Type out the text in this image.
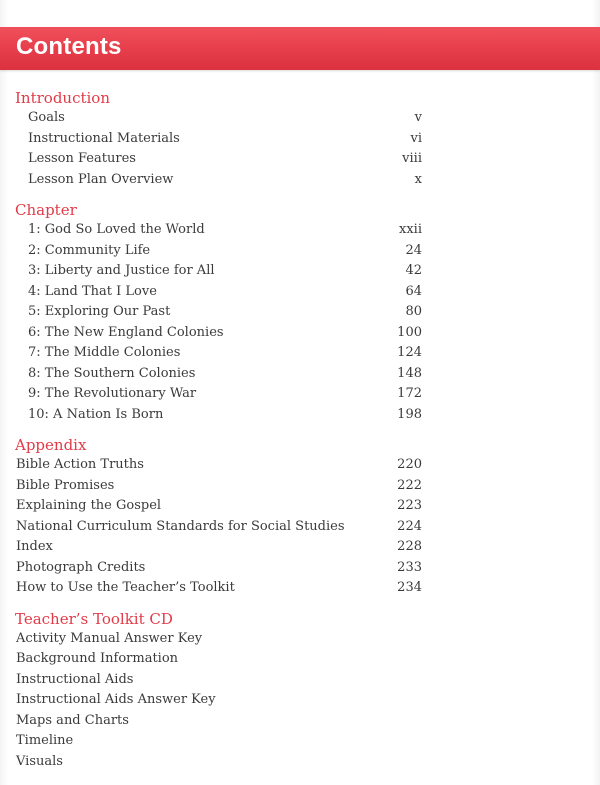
Contents
Introduction
Goals	v
Instructional Materials	vi
Lesson Features	viii
Lesson Plan Overview	x
Chapter
1: God So Loved the World	xxii
2: Community Life	24
3: Liberty and Justice for All	42
4: Land That I Love	64
5: Exploring Our Past	80
6: The New England Colonies	100
7: The Middle Colonies	124
8: The Southern Colonies	148
9: The Revolutionary War	172
10: A Nation Is Born	198
Appendix
Bible Action Truths	220
Bible Promises	222
Explaining the Gospel	223
National Curriculum Standards for Social Studies	224
Index	228
Photograph Credits	233
How to Use the Teacher’s Toolkit	234
Teacher’s Toolkit CD
Activity Manual Answer Key
Background Information
Instructional Aids
Instructional Aids Answer Key
Maps and Charts
Timeline
Visuals
